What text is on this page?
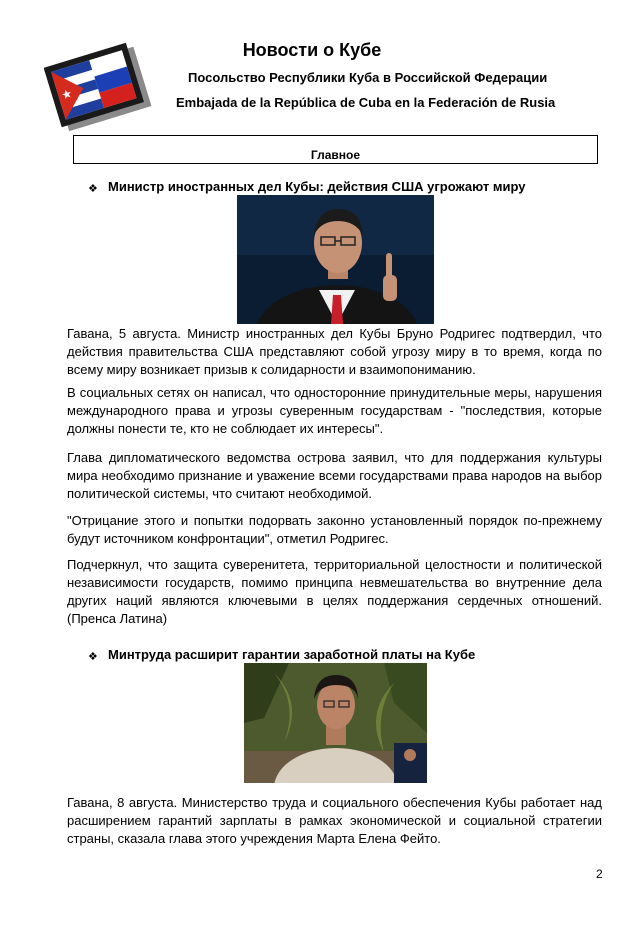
★
Новости о Кубе
Посольство Республики Куба в Российской Федерации
Embajada de la República de Cuba en la Federación de Rusia
Главное
❖ Министр иностранных дел Кубы: действия США угрожают миру
Гавана, 5 августа. Министр иностранных дел Кубы Бруно Родригес подтвердил, что действия правительства США представляют собой угрозу миру в то время, когда по всему миру возникает призыв к солидарности и взаимопониманию.
В социальных сетях он написал, что односторонние принудительные меры, нарушения международного права и угрозы суверенным государствам - "последствия, которые должны понести те, кто не соблюдает их интересы".
Глава дипломатического ведомства острова заявил, что для поддержания культуры мира необходимо признание и уважение всеми государствами права народов на выбор политической системы, что считают необходимой.
"Отрицание этого и попытки подорвать законно установленный порядок по-прежнему будут источником конфронтации", отметил Родригес.
Подчеркнул, что защита суверенитета, территориальной целостности и политической независимости государств, помимо принципа невмешательства во внутренние дела других наций являются ключевыми в целях поддержания сердечных отношений. (Пренса Латина)
❖ Минтруда расширит гарантии заработной платы на Кубе
Гавана, 8 августа. Министерство труда и социального обеспечения Кубы работает над расширением гарантий зарплаты в рамках экономической и социальной стратегии страны, сказала глава этого учреждения Марта Елена Фейто.
2
